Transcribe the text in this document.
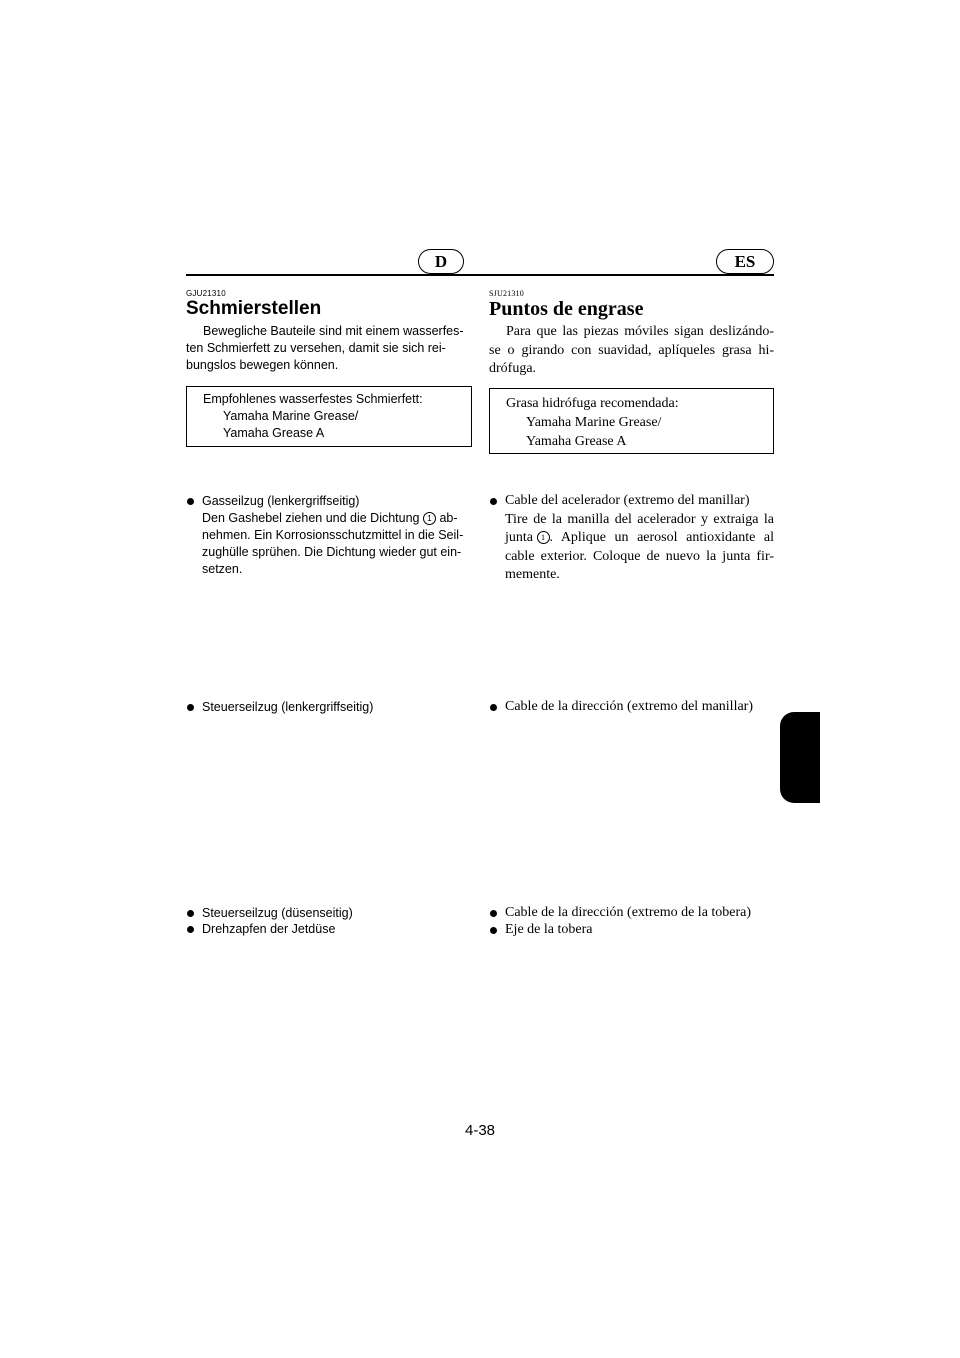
D	ES
GJU21310
Schmierstellen
Bewegliche Bauteile sind mit einem wasserfes-
ten Schmierfett zu versehen, damit sie sich rei-
bungslos bewegen können.
Empfohlenes wasserfestes Schmierfett:
Yamaha Marine Grease/
Yamaha Grease A
Gasseilzug (lenkergriffseitig)
Den Gashebel ziehen und die Dichtung 1 ab-
nehmen. Ein Korrosionsschutzmittel in die Seil-
zughülle sprühen. Die Dichtung wieder gut ein-
setzen.
Steuerseilzug (lenkergriffseitig)
Steuerseilzug (düsenseitig)
Drehzapfen der Jetdüse
SJU21310
Puntos de engrase
Para que las piezas móviles sigan deslizándo-
se o girando con suavidad, aplíqueles grasa hi-
drófuga.
Grasa hidrófuga recomendada:
Yamaha Marine Grease/
Yamaha Grease A
Cable del acelerador (extremo del manillar)
Tire de la manilla del acelerador y extraiga la
junta 1 . Aplique un aerosol antioxidante al
cable exterior. Coloque de nuevo la junta fir-
memente.
Cable de la dirección (extremo del manillar)
Cable de la dirección (extremo de la tobera)
Eje de la tobera
4-38
